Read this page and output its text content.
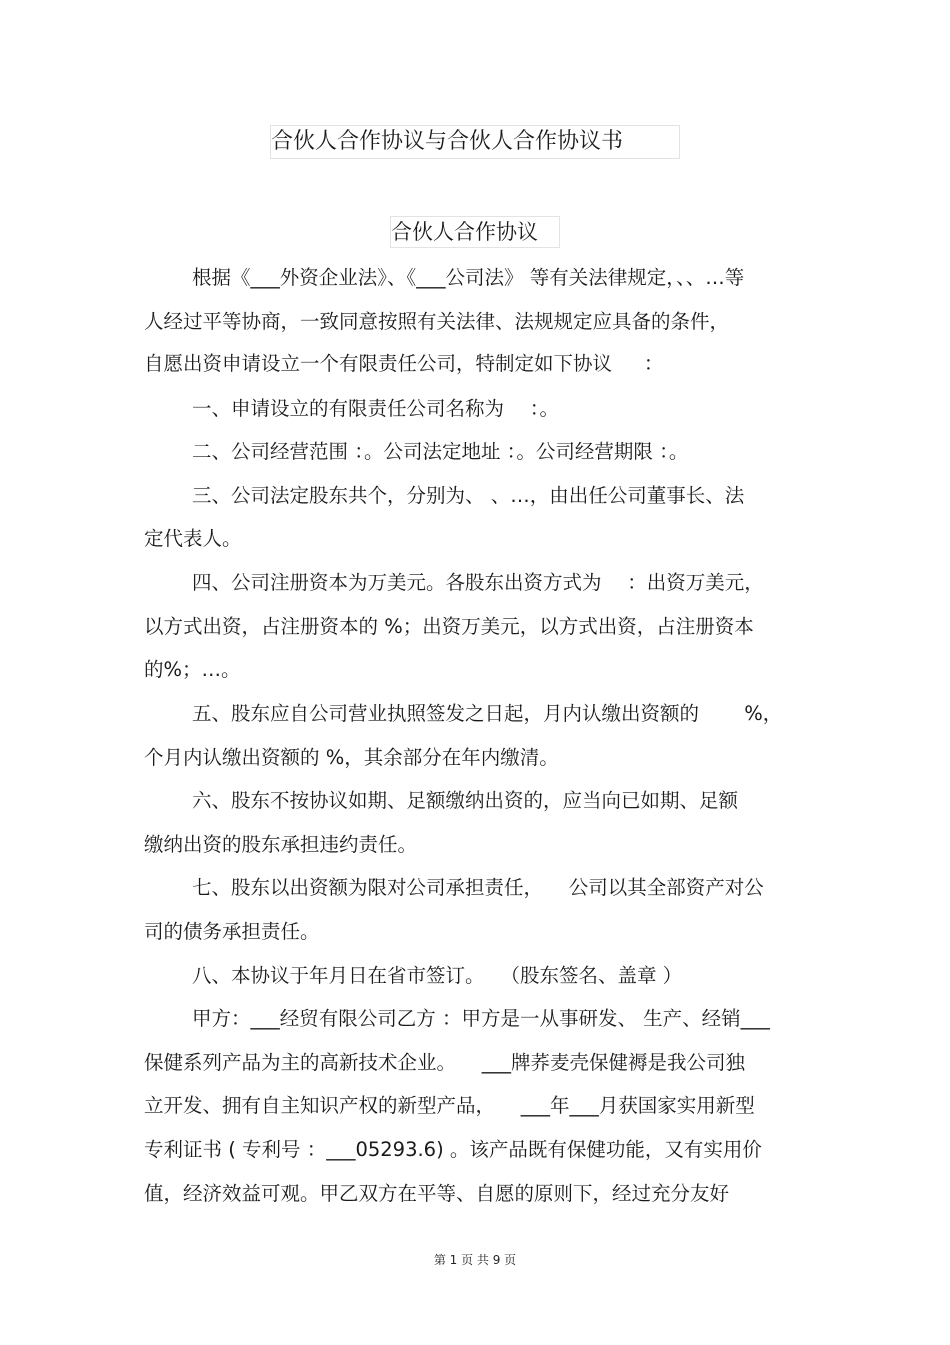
合伙人合作协议与合伙人合作协议书
合伙人合作协议
根据《___外资企业法》、《___公司法》 等有关法律规定，、、…等
人经过平等协商，一致同意按照有关法律、法规规定应具备的条件，
自愿出资申请设立一个有限责任公司，特制定如下协议 　 ：
一、申请设立的有限责任公司名称为 　：。
二、公司经营范围 ：。公司法定地址 ：。公司经营期限 ：。
三、公司法定股东共个，分别为、 、…，由出任公司董事长、法
定代表人。
四、公司注册资本为万美元。各股东出资方式为 　：出资万美元，
以方式出资，占注册资本的 %；出资万美元，以方式出资，占注册资本
的%；…。
五、股东应自公司营业执照签发之日起，月内认缴出资额的 　　%，
个月内认缴出资额的 %，其余部分在年内缴清。
六、股东不按协议如期、足额缴纳出资的，应当向已如期、足额
缴纳出资的股东承担违约责任。
七、股东以出资额为限对公司承担责任， 　公司以其全部资产对公
司的债务承担责任。
八、本协议于年月日在省市签订。 　（股东签名、盖章 ）
甲方：___经贸有限公司乙方 ：甲方是一从事研发、 生产、经销___
保健系列产品为主的高新技术企业。 　___牌荞麦壳保健褥是我公司独
立开发、拥有自主知识产权的新型产品， 　___年___月获国家实用新型
专利证书 ( 专利号 ：___05293.6) 。该产品既有保健功能，又有实用价
值，经济效益可观。甲乙双方在平等、自愿的原则下，经过充分友好
第 1 页 共 9 页
